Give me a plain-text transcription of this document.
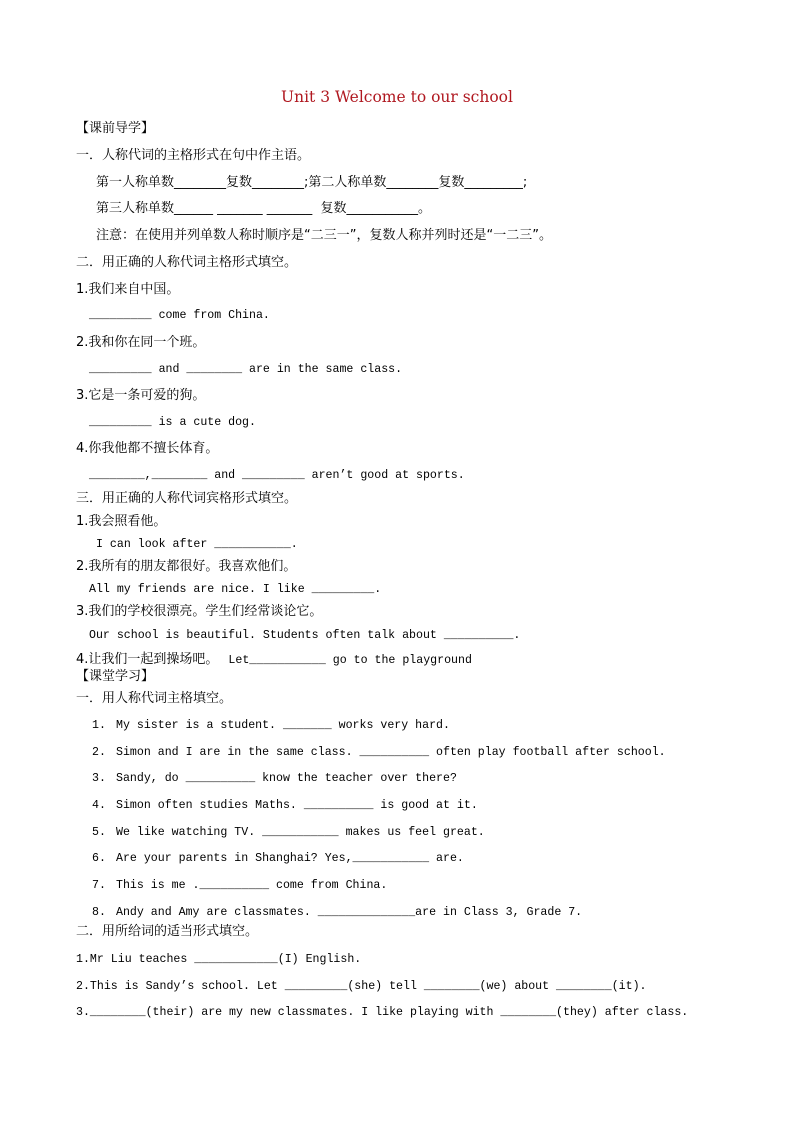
Unit 3 Welcome to our school
【课前导学】
一．人称代词的主格形式在句中作主语。
第一人称单数________复数________;第二人称单数________复数_________;
第三人称单数______ _______ _______  复数___________。
注意：在使用并列单数人称时顺序是“二三一”，复数人称并列时还是“一二三”。
二．用正确的人称代词主格形式填空。
1.我们来自中国。
_________ come from China.
2.我和你在同一个班。
_________ and ________ are in the same class.
3.它是一条可爱的狗。
_________ is a cute dog.
4.你我他都不擅长体育。
________,________ and _________ aren’t good at sports.
三．用正确的人称代词宾格形式填空。
1.我会照看他。
I can look after ___________.
2.我所有的朋友都很好。我喜欢他们。
All my friends are nice. I like _________.
3.我们的学校很漂亮。学生们经常谈论它。
Our school is beautiful. Students often talk about __________.
4.让我们一起到操场吧。 Let___________ go to the playground
【课堂学习】
一．用人称代词主格填空。
1. My sister is a student. _______ works very hard.
2. Simon and I are in the same class. __________ often play football after school.
3. Sandy, do __________ know the teacher over there?
4. Simon often studies Maths. __________ is good at it.
5. We like watching TV. ___________ makes us feel great.
6. Are your parents in Shanghai? Yes,___________ are.
7. This is me .__________ come from China.
8. Andy and Amy are classmates. ______________are in Class 3, Grade 7.
二．用所给词的适当形式填空。
1.Mr Liu teaches ____________(I) English.
2.This is Sandy’s school. Let _________(she) tell ________(we) about ________(it).
3.________(their) are my new classmates. I like playing with ________(they) after class.
